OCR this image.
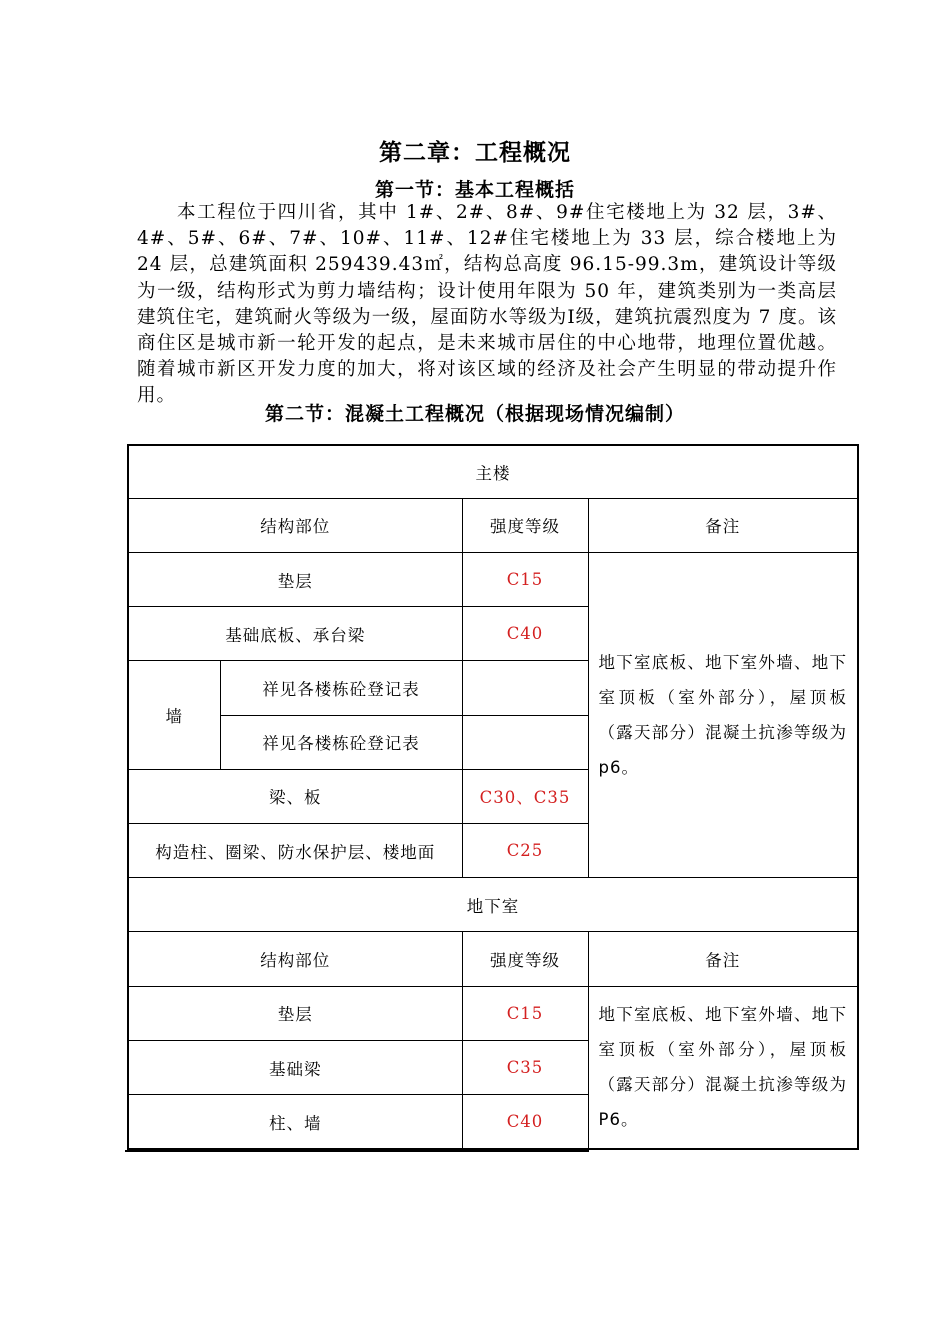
第二章：工程概况
第一节：基本工程概括
本工程位于四川省，其中 1#、2#、8#、9#住宅楼地上为 32 层，3#、4#、5#、6#、7#、10#、11#、12#住宅楼地上为 33 层，综合楼地上为 24 层，总建筑面积 259439.43㎡，结构总高度 96.15-99.3m，建筑设计等级为一级，结构形式为剪力墙结构；设计使用年限为 50 年，建筑类别为一类高层建筑住宅，建筑耐火等级为一级，屋面防水等级为Ⅰ级，建筑抗震烈度为 7 度。该商住区是城市新一轮开发的起点，是未来城市居住的中心地带，地理位置优越。随着城市新区开发力度的加大，将对该区域的经济及社会产生明显的带动提升作用。
第二节：混凝土工程概况（根据现场情况编制）
主楼			
结构部位		强度等级	备注
垫层		C15	地下室底板、地下室外墙、地下室顶板（室外部分），屋顶板（露天部分）混凝土抗渗等级为 p6。
基础底板、承台梁		C40	
墙	祥见各楼栋砼登记表		
	祥见各楼栋砼登记表		
梁、板		C30、C35	
构造柱、圈梁、防水保护层、楼地面		C25	
地下室			
结构部位		强度等级	备注
垫层		C15	地下室底板、地下室外墙、地下室顶板（室外部分），屋顶板（露天部分）混凝土抗渗等级为 P6。
基础梁		C35	
柱、墙		C40	
